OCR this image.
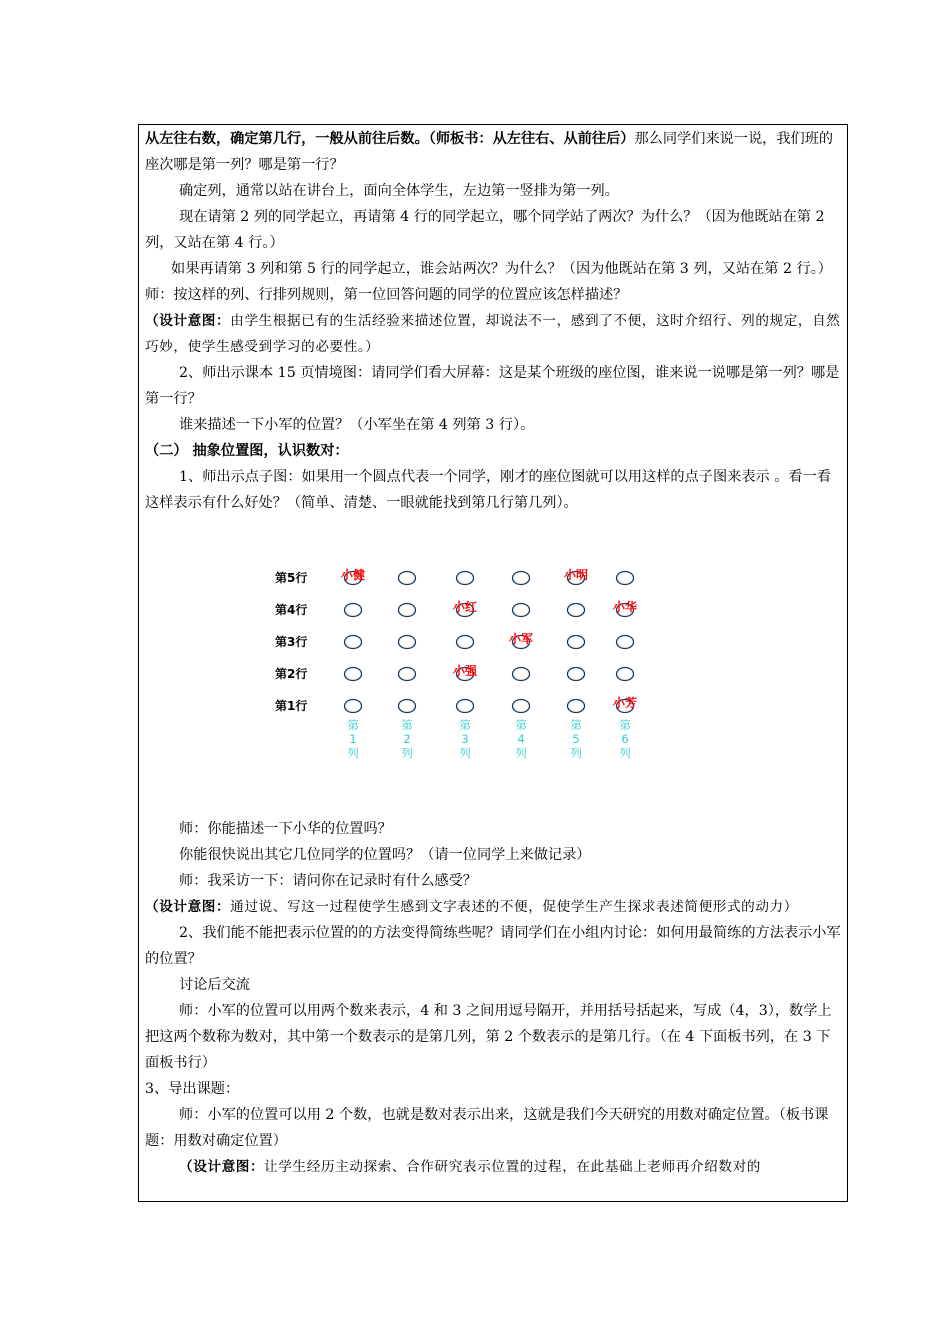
从左往右数，确定第几行，一般从前往后数。（师板书：从左往右、从前往后）那么同学们来说一说，我们班的座次哪是第一列？哪是第一行？

确定列，通常以站在讲台上，面向全体学生，左边第一竖排为第一列。

现在请第 2 列的同学起立，再请第 4 行的同学起立，哪个同学站了两次？为什么？（因为他既站在第 2 列，又站在第 4 行。）

如果再请第 3 列和第 5 行的同学起立，谁会站两次？为什么？（因为他既站在第 3 列，又站在第 2 行。）

师：按这样的列、行排列规则，第一位回答问题的同学的位置应该怎样描述？

（设计意图：由学生根据已有的生活经验来描述位置，却说法不一，感到了不便，这时介绍行、列的规定，自然巧妙，使学生感受到学习的必要性。）

2、师出示课本 15 页情境图：请同学们看大屏幕：这是某个班级的座位图，谁来说一说哪是第一列？哪是第一行？

谁来描述一下小军的位置？（小军坐在第 4 列第 3 行）。

（二） 抽象位置图，认识数对：

1、师出示点子图：如果用一个圆点代表一个同学，刚才的座位图就可以用这样的点子图来表示 。看一看这样表示有什么好处？（简单、清楚、一眼就能找到第几行第几列）。

第5行
第4行
第3行
第2行
第1行
小健	小明
小红	小华
小军
小强
小芳
第
1
列
第
2
列
第
3
列
第
4
列
第
5
列
第
6
列

师：你能描述一下小华的位置吗？

你能很快说出其它几位同学的位置吗？（请一位同学上来做记录）

师：我采访一下：请问你在记录时有什么感受？

（设计意图：通过说、写这一过程使学生感到文字表述的不便，促使学生产生探求表述简便形式的动力）

2、我们能不能把表示位置的的方法变得简练些呢？请同学们在小组内讨论：如何用最简练的方法表示小军的位置？

讨论后交流

师：小军的位置可以用两个数来表示，4 和 3 之间用逗号隔开，并用括号括起来，写成（4，3），数学上把这两个数称为数对，其中第一个数表示的是第几列，第 2 个数表示的是第几行。（在 4 下面板书列，在 3 下面板书行）

3、导出课题：

师：小军的位置可以用 2 个数，也就是数对表示出来，这就是我们今天研究的用数对确定位置。（板书课题：用数对确定位置）

（设计意图：让学生经历主动探索、合作研究表示位置的过程，在此基础上老师再介绍数对的
